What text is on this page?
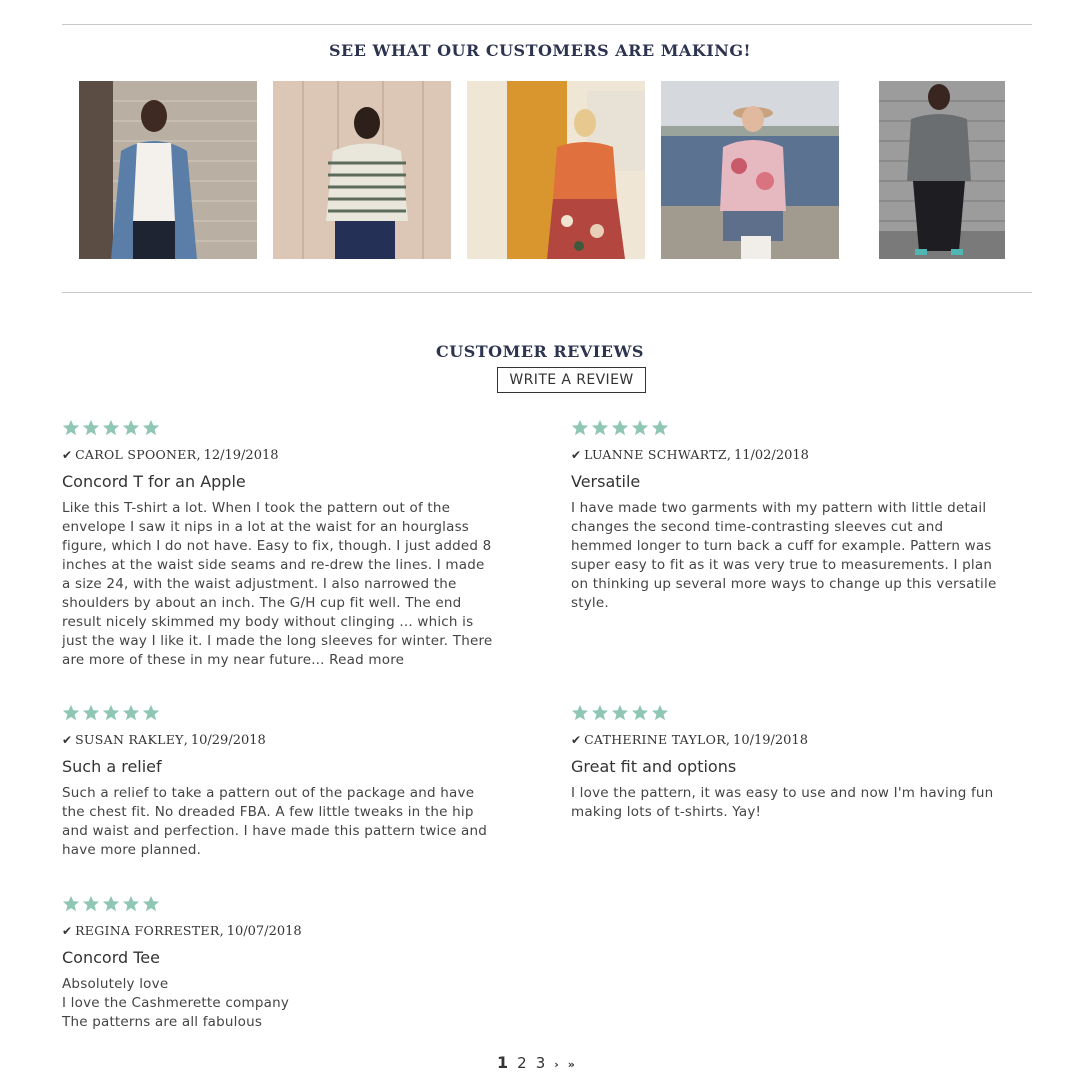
SEE WHAT OUR CUSTOMERS ARE MAKING!
CUSTOMER REVIEWS
WRITE A REVIEW
✔ CAROL SPOONER , 12/19/2018
Concord T for an Apple
Like this T-shirt a lot. When I took the pattern out of the
envelope I saw it nips in a lot at the waist for an hourglass
figure, which I do not have. Easy to fix, though. I just added 8
inches at the waist side seams and re-drew the lines. I made
a size 24, with the waist adjustment. I also narrowed the
shoulders by about an inch. The G/H cup fit well. The end
result nicely skimmed my body without clinging ... which is
just the way I like it. I made the long sleeves for winter. There
are more of these in my near future... Read more
✔ LUANNE SCHWARTZ , 11/02/2018
Versatile
I have made two garments with my pattern with little detail
changes the second time-contrasting sleeves cut and
hemmed longer to turn back a cuff for example. Pattern was
super easy to fit as it was very true to measurements. I plan
on thinking up several more ways to change up this versatile
style.
✔ SUSAN RAKLEY , 10/29/2018
Such a relief
Such a relief to take a pattern out of the package and have
the chest fit. No dreaded FBA. A few little tweaks in the hip
and waist and perfection. I have made this pattern twice and
have more planned.
✔ CATHERINE TAYLOR , 10/19/2018
Great fit and options
I love the pattern, it was easy to use and now I'm having fun
making lots of t-shirts. Yay!
✔ REGINA FORRESTER , 10/07/2018
Concord Tee
Absolutely love
I love the Cashmerette company
The patterns are all fabulous
1 2 3 › »
